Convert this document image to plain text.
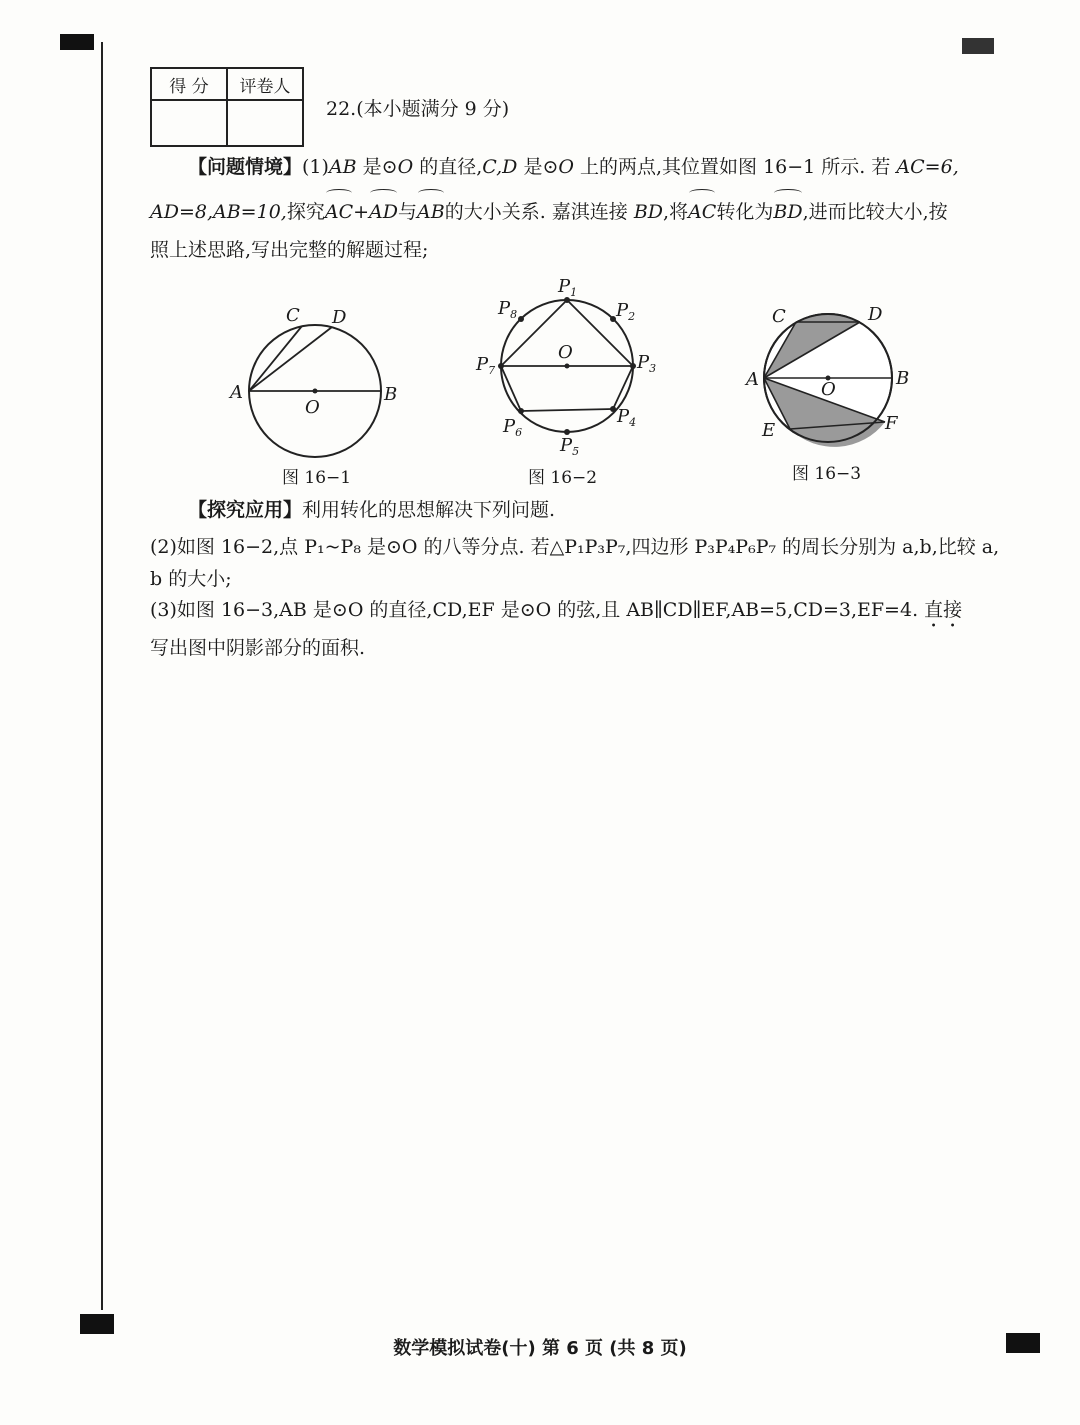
得 分	评卷人

22.(本小题满分 9 分)

【问题情境】(1)AB 是⊙O 的直径,C,D 是⊙O 上的两点,其位置如图 16−1 所示. 若 AC=6,

AD=8,AB=10,探究AC+AD与AB的大小关系. 嘉淇连接 BD,将AC转化为BD,进而比较大小,按

照上述思路,写出完整的解题过程;
C D
A	B
O
图 16−1
$P_1$
$P_2$
$P_3$
$P_4$
$P_5$
$P_6$
$P_7$
$P_8$
O
图 16−2
C	D
A	B
O
E	F
图 16−3

【探究应用】利用转化的思想解决下列问题.

(2)如图 16−2,点 P₁~P₈ 是⊙O 的八等分点. 若△P₁P₃P₇,四边形 P₃P₄P₆P₇ 的周长分别为 a,b,比较 a,

b 的大小;

(3)如图 16−3,AB 是⊙O 的直径,CD,EF 是⊙O 的弦,且 AB∥CD∥EF,AB=5,CD=3,EF=4. 直接

写出图中阴影部分的面积.

数学模拟试卷(十) 第 6 页 (共 8 页)
